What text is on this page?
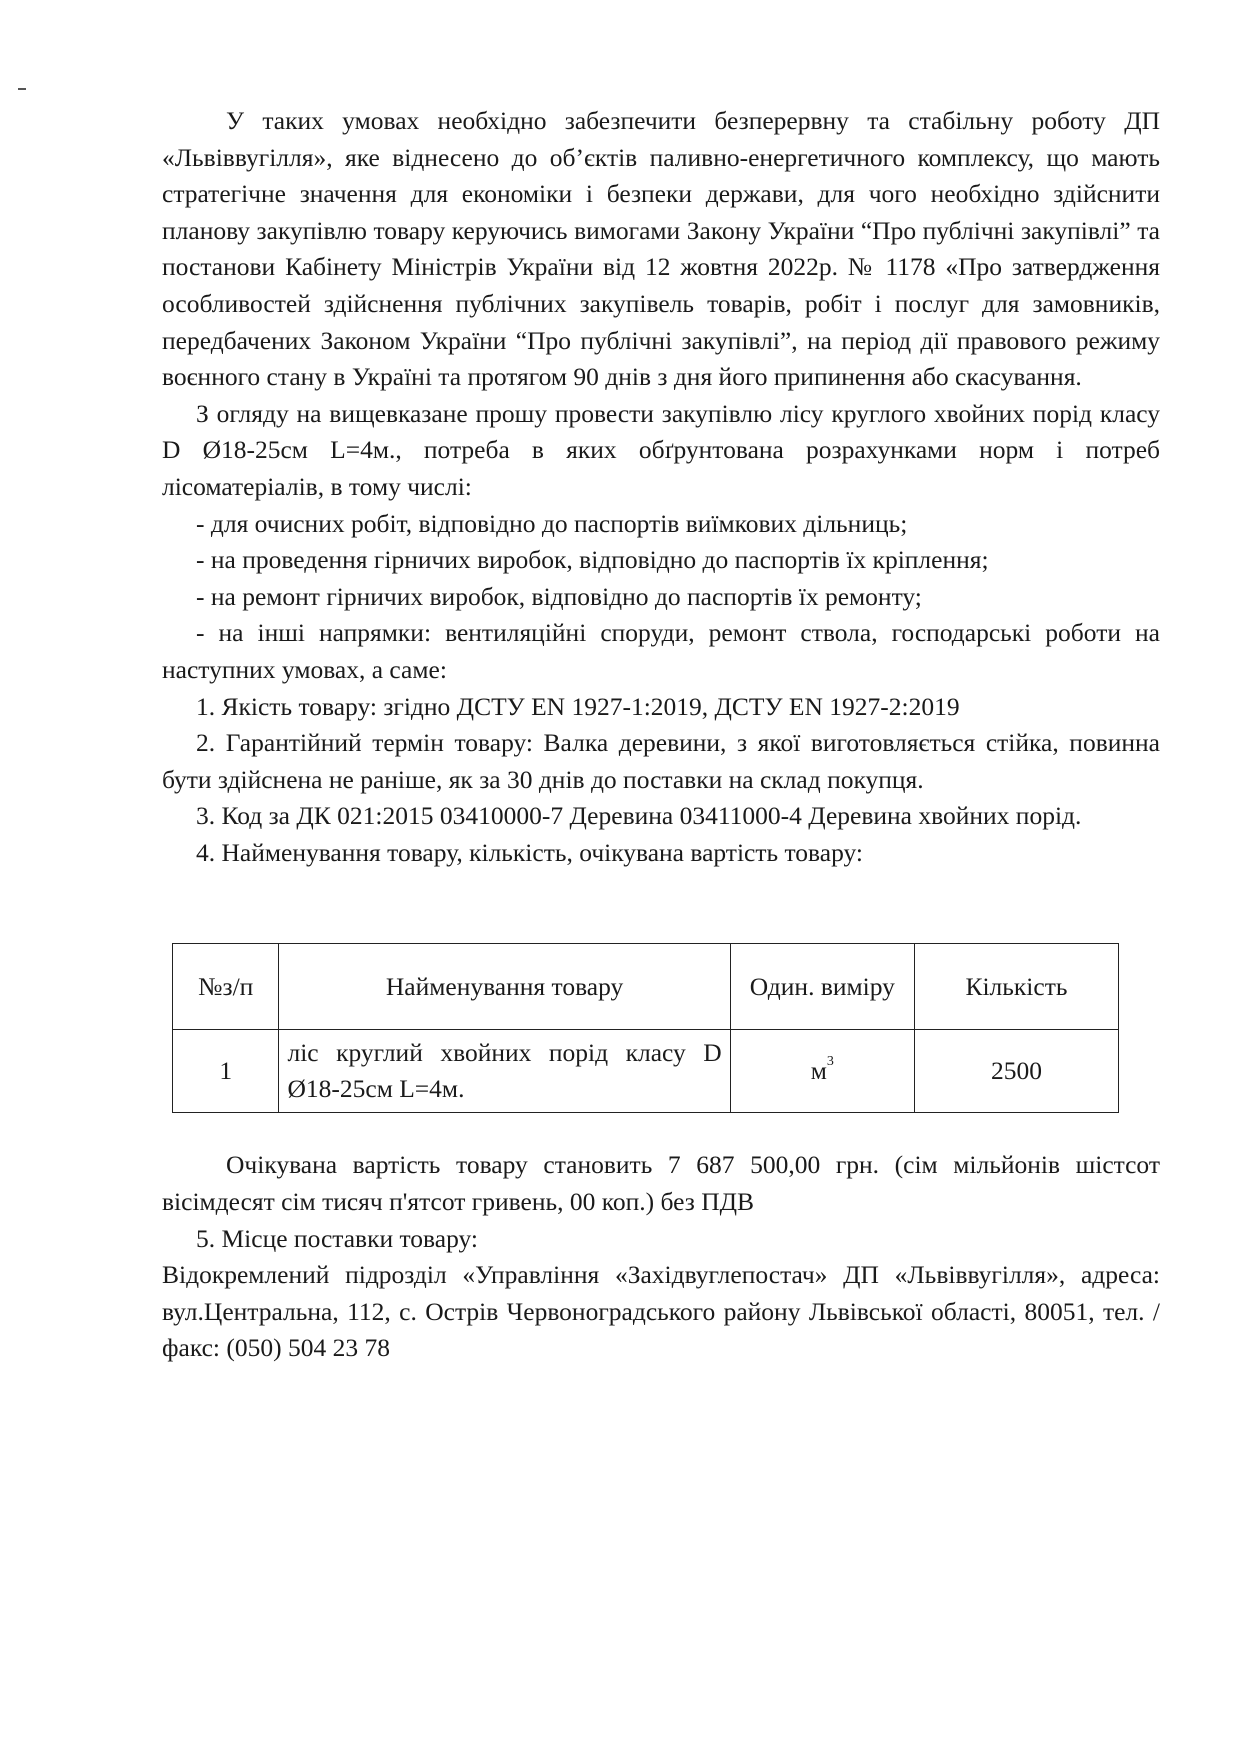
У таких умовах необхідно забезпечити безперервну та стабільну роботу ДП «Львіввугілля», яке віднесено до об’єктів паливно-енергетичного комплексу, що мають стратегічне значення для економіки і безпеки держави, для чого необхідно здійснити планову закупівлю товару керуючись вимогами Закону України “Про публічні закупівлі” та постанови Кабінету Міністрів України від 12 жовтня 2022р. № 1178 «Про затвердження особливостей здійснення публічних закупівель товарів, робіт і послуг для замовників, передбачених Законом України “Про публічні закупівлі”, на період дії правового режиму воєнного стану в Україні та протягом 90 днів з дня його припинення або скасування.

З огляду на вищевказане прошу провести закупівлю лісу круглого хвойних порід класу D Ø18-25см L=4м., потреба в яких обґрунтована розрахунками норм і потреб лісоматеріалів, в тому числі:

- для очисних робіт, відповідно до паспортів виїмкових дільниць;

- на проведення гірничих виробок, відповідно до паспортів їх кріплення;

- на ремонт гірничих виробок, відповідно до паспортів їх ремонту;

- на інші напрямки: вентиляційні споруди, ремонт ствола, господарські роботи на наступних умовах, а саме:

1. Якість товару: згідно ДСТУ EN 1927-1:2019, ДСТУ EN 1927-2:2019

2. Гарантійний термін товару: Валка деревини, з якої виготовляється стійка, повинна бути здійснена не раніше, як за 30 днів до поставки на склад покупця.

3. Код за ДК 021:2015 03410000-7 Деревина 03411000-4 Деревина хвойних порід.

4. Найменування товару, кількість, очікувана вартість товару:

№з/п	Найменування товару	Один. виміру	Кількість
1	ліс круглий хвойних порід класу D Ø18-25см L=4м.	$м^3$	2500

Очікувана вартість товару становить 7 687 500,00 грн. (сім мільйонів шістсот вісімдесят сім тисяч п'ятсот гривень, 00 коп.) без ПДВ

5. Місце поставки товару:

Відокремлений підрозділ «Управління «Західвуглепостач» ДП «Львіввугілля», адреса: вул.Центральна, 112, с. Острів Червоноградського району Львівської області, 80051, тел. /факс: (050) 504 23 78
